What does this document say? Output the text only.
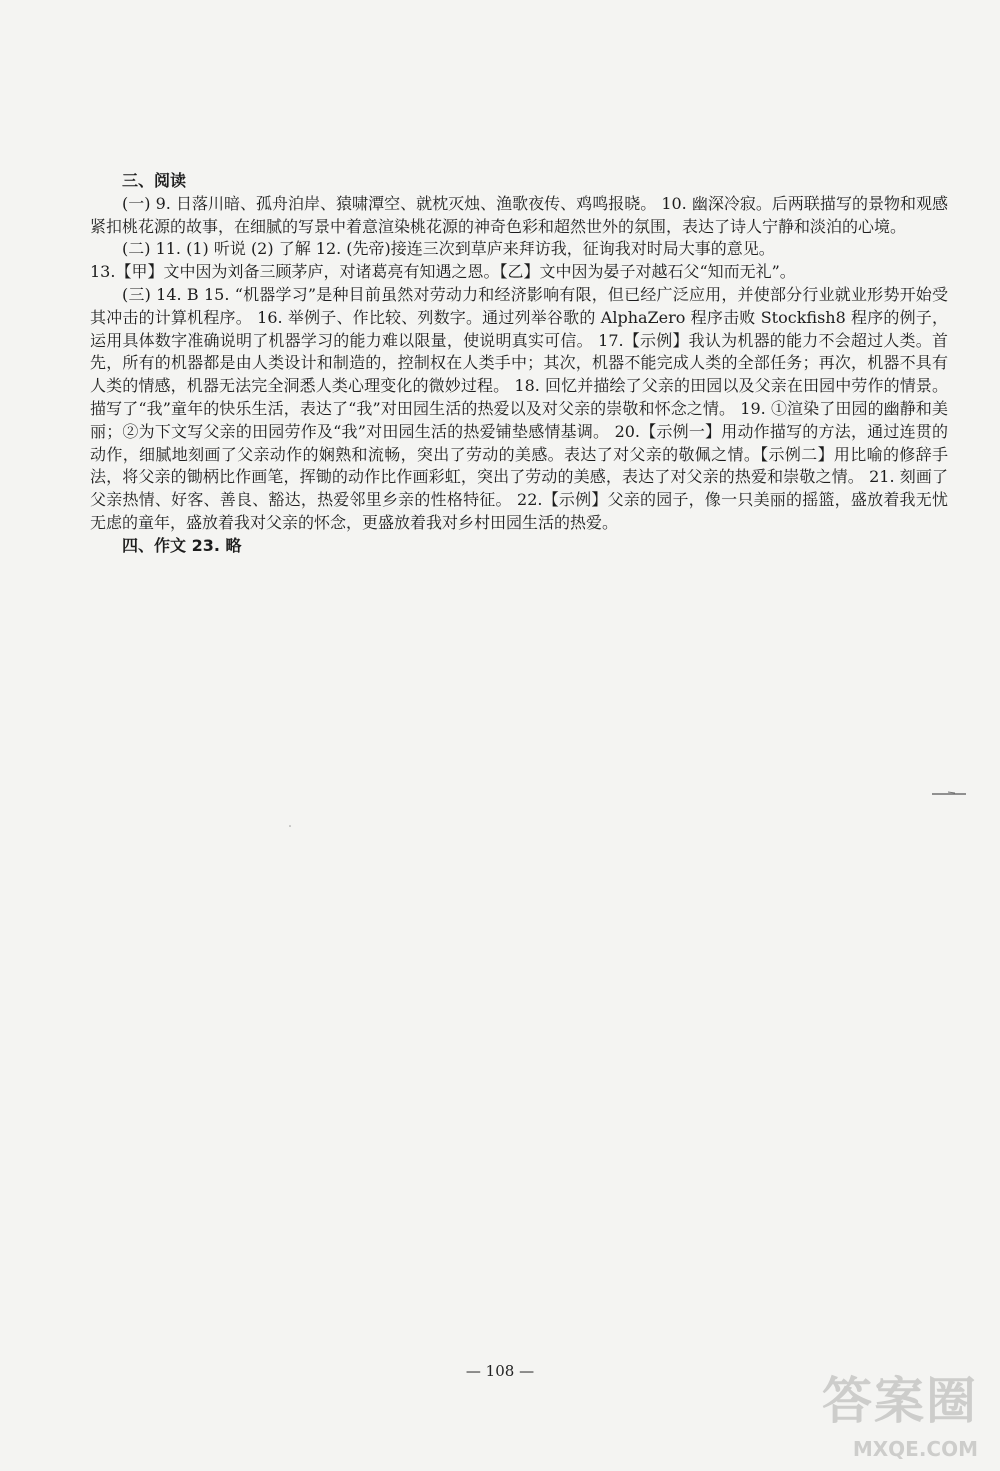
三、阅读

(一) 9. 日落川暗、孤舟泊岸、猿啸潭空、就枕灭烛、渔歌夜传、鸡鸣报晓。 10. 幽深冷寂。后两联描写的景物和观感紧扣桃花源的故事，在细腻的写景中着意渲染桃花源的神奇色彩和超然世外的氛围，表达了诗人宁静和淡泊的心境。

(二) 11. (1) 听说 (2) 了解 12. (先帝)接连三次到草庐来拜访我，征询我对时局大事的意见。

13.【甲】文中因为刘备三顾茅庐，对诸葛亮有知遇之恩。【乙】文中因为晏子对越石父“知而无礼”。

(三) 14. B 15. “机器学习”是种目前虽然对劳动力和经济影响有限，但已经广泛应用，并使部分行业就业形势开始受其冲击的计算机程序。 16. 举例子、作比较、列数字。通过列举谷歌的 AlphaZero 程序击败 Stockfish8 程序的例子，运用具体数字准确说明了机器学习的能力难以限量，使说明真实可信。 17.【示例】我认为机器的能力不会超过人类。首先，所有的机器都是由人类设计和制造的，控制权在人类手中；其次，机器不能完成人类的全部任务；再次，机器不具有人类的情感，机器无法完全洞悉人类心理变化的微妙过程。 18. 回忆并描绘了父亲的田园以及父亲在田园中劳作的情景。描写了“我”童年的快乐生活，表达了“我”对田园生活的热爱以及对父亲的崇敬和怀念之情。 19. ①渲染了田园的幽静和美丽；②为下文写父亲的田园劳作及“我”对田园生活的热爱铺垫感情基调。 20.【示例一】用动作描写的方法，通过连贯的动作，细腻地刻画了父亲动作的娴熟和流畅，突出了劳动的美感。表达了对父亲的敬佩之情。【示例二】用比喻的修辞手法，将父亲的锄柄比作画笔，挥锄的动作比作画彩虹，突出了劳动的美感，表达了对父亲的热爱和崇敬之情。 21. 刻画了父亲热情、好客、善良、豁达，热爱邻里乡亲的性格特征。 22.【示例】父亲的园子，像一只美丽的摇篮，盛放着我无忧无虑的童年，盛放着我对父亲的怀念，更盛放着我对乡村田园生活的热爱。

四、作文 23. 略

— 108 —
答案圈
MXQE.COM
